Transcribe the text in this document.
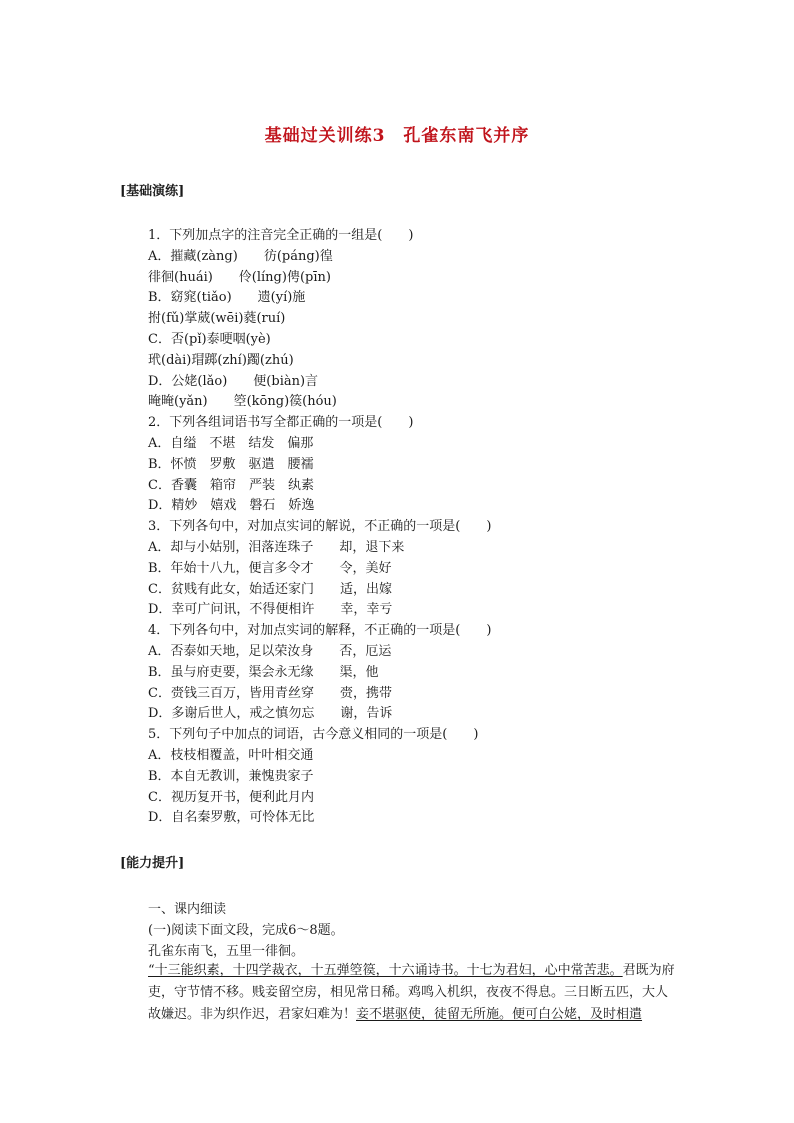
基础过关训练3　孔雀东南飞并序
[基础演练]
1．下列加点字的注音完全正确的一组是(　　)
A．摧藏(zàng)　　彷(páng)徨
徘徊(huái)　　伶(líng)俜(pīn)
B．窈窕(tiǎo)　　遗(yí)施
拊(fǔ)掌葳(wēi)蕤(ruí)
C．否(pǐ)泰哽咽(yè)
玳(dài)瑁踯(zhí)躅(zhú)
D．公姥(lǎo)　　便(biàn)言
晻晻(yǎn)　　箜(kōng)篌(hóu)
2．下列各组词语书写全都正确的一项是(　　)
A．自缢　不堪　结发　偏那
B．怀愤　罗敷　驱遣　腰襦
C．香囊　箱帘　严装　纨素
D．精妙　嬉戏　磐石　娇逸
3．下列各句中，对加点实词的解说，不正确的一项是(　　)
A．却与小姑别，泪落连珠子　　却，退下来
B．年始十八九，便言多令才　　令，美好
C．贫贱有此女，始适还家门　　适，出嫁
D．幸可广问讯，不得便相许　　幸，幸亏
4．下列各句中，对加点实词的解释，不正确的一项是(　　)
A．否泰如天地，足以荣汝身　　否，厄运
B．虽与府吏要，渠会永无缘　　渠，他
C．赍钱三百万，皆用青丝穿　　赍，携带
D．多谢后世人，戒之慎勿忘　　谢，告诉
5．下列句子中加点的词语，古今意义相同的一项是(　　)
A．枝枝相覆盖，叶叶相交通
B．本自无教训，兼愧贵家子
C．视历复开书，便利此月内
D．自名秦罗敷，可怜体无比
[能力提升]
一、课内细读
(一)阅读下面文段，完成6～8题。
孔雀东南飞，五里一徘徊。
“十三能织素，十四学裁衣，十五弹箜篌，十六诵诗书。十七为君妇，心中常苦悲。君既为府吏，守节情不移。贱妾留空房，相见常日稀。鸡鸣入机织，夜夜不得息。三日断五匹，大人故嫌迟。非为织作迟，君家妇难为！妾不堪驱使，徒留无所施。便可白公姥，及时相遣
